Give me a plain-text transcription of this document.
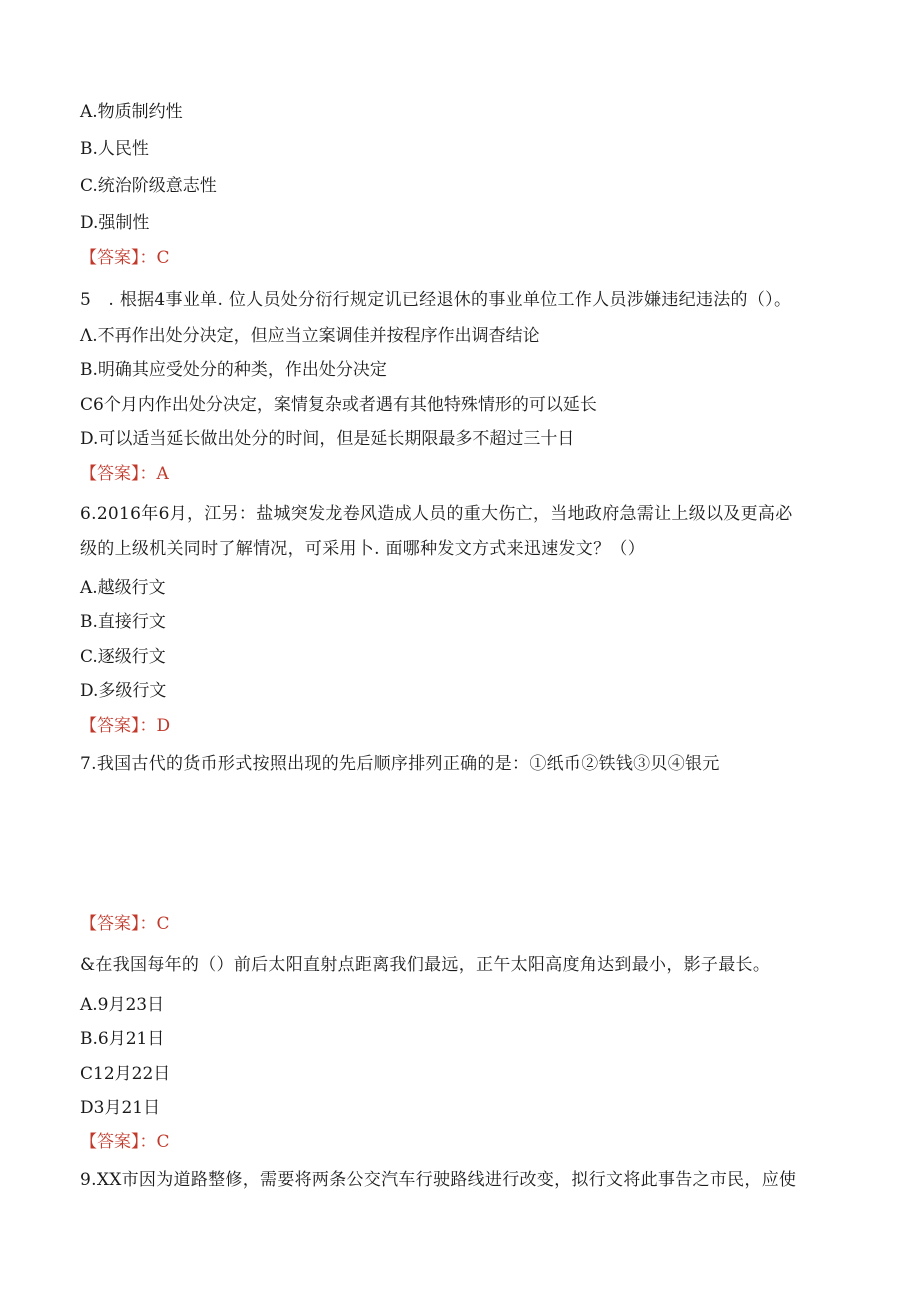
A.物质制约性
B.人民性
C.统治阶级意志性
D.强制性
【答案】：C
5　. 根据4事业单. 位人员处分衍行规定讥已经退休的事业单位工作人员涉嫌违纪违法的（）。
Λ.不再作出处分决定，但应当立案调佳并按程序作出调杳结论
B.明确其应受处分的种类，作出处分决定
C6个月内作出处分决定，案情复杂或者遇有其他特殊情形的可以延长
D.可以适当延长做出处分的时间，但是延长期限最多不超过三十日
【答案】：A
6.2016年6月，江另：盐城突发龙卷风造成人员的重大伤亡，当地政府急需让上级以及更高必
级的上级机关同时了解情况，可采用卜. 面哪种发文方式来迅速发文？（）
A.越级行文
B.直接行文
C.逐级行文
D.多级行文
【答案】：D
7.我国古代的货币形式按照出现的先后顺序排列正确的是：①纸币②铁钱③贝④银元
【答案】：C
&在我国每年的（）前后太阳直射点距离我们最远，正午太阳高度角达到最小，影子最长。
A.9月23日
B.6月21日
C12月22日
D3月21日
【答案】：C
9.XX市因为道路整修，需要将两条公交汽车行驶路线进行改变，拟行文将此事告之市民，应使
